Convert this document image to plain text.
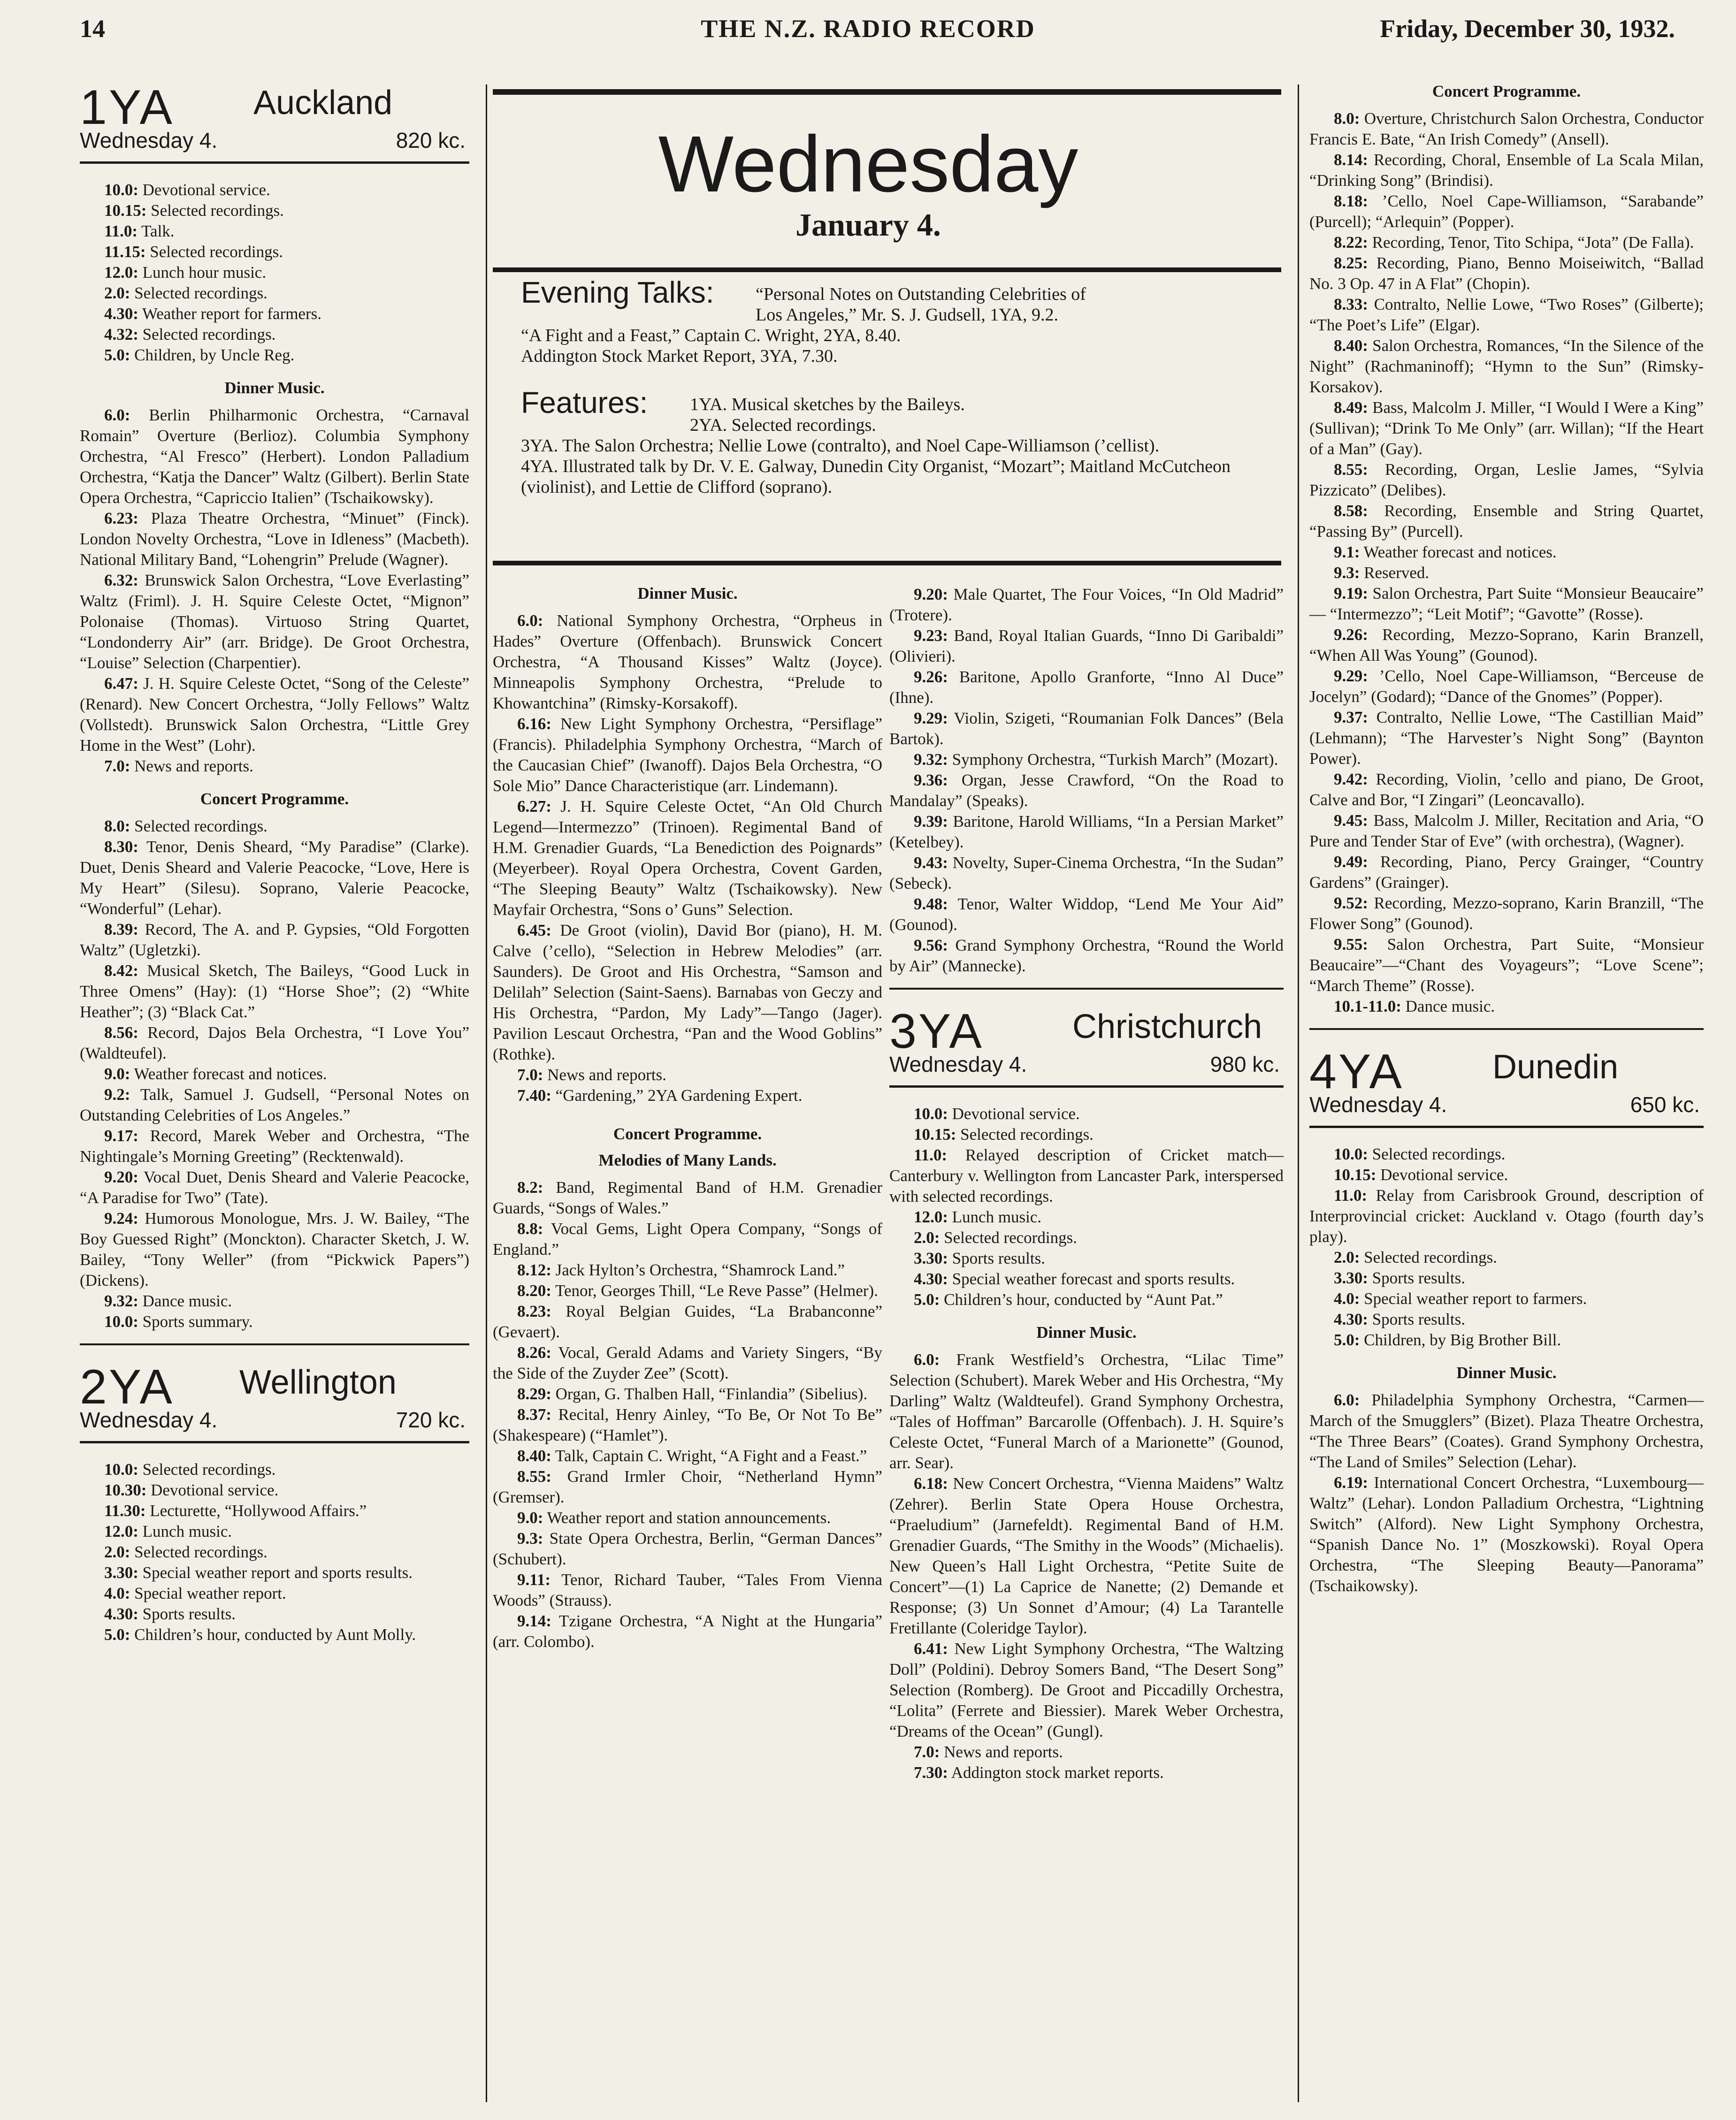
14	THE N.Z. RADIO RECORD	Friday, December 30, 1932.
Wednesday
January 4.
Evening Talks: “Personal Notes on Outstanding Celebrities of
Los Angeles,” Mr. S. J. Gudsell, 1YA, 9.2.
“A Fight and a Feast,” Captain C. Wright, 2YA, 8.40.
Addington Stock Market Report, 3YA, 7.30.
Features: 1YA. Musical sketches by the Baileys.
2YA. Selected recordings.
3YA. The Salon Orchestra; Nellie Lowe (contralto), and Noel Cape-Williamson (’cellist).
4YA. Illustrated talk by Dr. V. E. Galway, Dunedin City Organist, “Mozart”; Maitland McCutcheon (violinist), and Lettie de Clifford (soprano).
1YA Auckland
Wednesday 4.	820 kc.

10.0: Devotional service.

10.15: Selected recordings.

11.0: Talk.

11.15: Selected recordings.

12.0: Lunch hour music.

2.0: Selected recordings.

4.30: Weather report for farmers.

4.32: Selected recordings.

5.0: Children, by Uncle Reg.

Dinner Music.

6.0: Berlin Philharmonic Orchestra, “Carnaval Romain” Overture (Berlioz). Columbia Symphony Orchestra, “Al Fresco” (Herbert). London Palladium Orchestra, “Katja the Dancer” Waltz (Gilbert). Berlin State Opera Orchestra, “Capriccio Italien” (Tschaikowsky).

6.23: Plaza Theatre Orchestra, “Minuet” (Finck). London Novelty Orchestra, “Love in Idleness” (Macbeth). National Military Band, “Lohengrin” Prelude (Wagner).

6.32: Brunswick Salon Orchestra, “Love Everlasting” Waltz (Friml). J. H. Squire Celeste Octet, “Mignon” Polonaise (Thomas). Virtuoso String Quartet, “Londonderry Air” (arr. Bridge). De Groot Orchestra, “Louise” Selection (Charpentier).

6.47: J. H. Squire Celeste Octet, “Song of the Celeste” (Renard). New Concert Orchestra, “Jolly Fellows” Waltz (Vollstedt). Brunswick Salon Orchestra, “Little Grey Home in the West” (Lohr).

7.0: News and reports.

Concert Programme.

8.0: Selected recordings.

8.30: Tenor, Denis Sheard, “My Paradise” (Clarke). Duet, Denis Sheard and Valerie Peacocke, “Love, Here is My Heart” (Silesu). Soprano, Valerie Peacocke, “Wonderful” (Lehar).

8.39: Record, The A. and P. Gypsies, “Old Forgotten Waltz” (Ugletzki).

8.42: Musical Sketch, The Baileys, “Good Luck in Three Omens” (Hay): (1) “Horse Shoe”; (2) “White Heather”; (3) “Black Cat.”

8.56: Record, Dajos Bela Orchestra, “I Love You” (Waldteufel).

9.0: Weather forecast and notices.

9.2: Talk, Samuel J. Gudsell, “Personal Notes on Outstanding Celebrities of Los Angeles.”

9.17: Record, Marek Weber and Orchestra, “The Nightingale’s Morning Greeting” (Recktenwald).

9.20: Vocal Duet, Denis Sheard and Valerie Peacocke, “A Paradise for Two” (Tate).

9.24: Humorous Monologue, Mrs. J. W. Bailey, “The Boy Guessed Right” (Monckton). Character Sketch, J. W. Bailey, “Tony Weller” (from “Pickwick Papers”) (Dickens).

9.32: Dance music.

10.0: Sports summary.

2YA Wellington
Wednesday 4.	720 kc.

10.0: Selected recordings.

10.30: Devotional service.

11.30: Lecturette, “Hollywood Affairs.”

12.0: Lunch music.

2.0: Selected recordings.

3.30: Special weather report and sports results.

4.0: Special weather report.

4.30: Sports results.

5.0: Children’s hour, conducted by Aunt Molly.

Dinner Music.

6.0: National Symphony Orchestra, “Orpheus in Hades” Overture (Offenbach). Brunswick Concert Orchestra, “A Thousand Kisses” Waltz (Joyce). Minneapolis Symphony Orchestra, “Prelude to Khowantchina” (Rimsky-Korsakoff).

6.16: New Light Symphony Orchestra, “Persiflage” (Francis). Philadelphia Symphony Orchestra, “March of the Caucasian Chief” (Iwanoff). Dajos Bela Orchestra, “O Sole Mio” Dance Characteristique (arr. Lindemann).

6.27: J. H. Squire Celeste Octet, “An Old Church Legend—Intermezzo” (Trinoen). Regimental Band of H.M. Grenadier Guards, “La Benediction des Poignards” (Meyerbeer). Royal Opera Orchestra, Covent Garden, “The Sleeping Beauty” Waltz (Tschaikowsky). New Mayfair Orchestra, “Sons o’ Guns” Selection.

6.45: De Groot (violin), David Bor (piano), H. M. Calve (’cello), “Selection in Hebrew Melodies” (arr. Saunders). De Groot and His Orchestra, “Samson and Delilah” Selection (Saint-Saens). Barnabas von Geczy and His Orchestra, “Pardon, My Lady”—Tango (Jager). Pavilion Lescaut Orchestra, “Pan and the Wood Goblins” (Rothke).

7.0: News and reports.

7.40: “Gardening,” 2YA Gardening Expert.

Concert Programme.
Melodies of Many Lands.

8.2: Band, Regimental Band of H.M. Grenadier Guards, “Songs of Wales.”

8.8: Vocal Gems, Light Opera Company, “Songs of England.”

8.12: Jack Hylton’s Orchestra, “Shamrock Land.”

8.20: Tenor, Georges Thill, “Le Reve Passe” (Helmer).

8.23: Royal Belgian Guides, “La Brabanconne” (Gevaert).

8.26: Vocal, Gerald Adams and Variety Singers, “By the Side of the Zuyder Zee” (Scott).

8.29: Organ, G. Thalben Hall, “Finlandia” (Sibelius).

8.37: Recital, Henry Ainley, “To Be, Or Not To Be” (Shakespeare) (“Hamlet”).

8.40: Talk, Captain C. Wright, “A Fight and a Feast.”

8.55: Grand Irmler Choir, “Netherland Hymn” (Gremser).

9.0: Weather report and station announcements.

9.3: State Opera Orchestra, Berlin, “German Dances” (Schubert).

9.11: Tenor, Richard Tauber, “Tales From Vienna Woods” (Strauss).

9.14: Tzigane Orchestra, “A Night at the Hungaria” (arr. Colombo).

9.20: Male Quartet, The Four Voices, “In Old Madrid” (Trotere).

9.23: Band, Royal Italian Guards, “Inno Di Garibaldi” (Olivieri).

9.26: Baritone, Apollo Granforte, “Inno Al Duce” (Ihne).

9.29: Violin, Szigeti, “Roumanian Folk Dances” (Bela Bartok).

9.32: Symphony Orchestra, “Turkish March” (Mozart).

9.36: Organ, Jesse Crawford, “On the Road to Mandalay” (Speaks).

9.39: Baritone, Harold Williams, “In a Persian Market” (Ketelbey).

9.43: Novelty, Super-Cinema Orchestra, “In the Sudan” (Sebeck).

9.48: Tenor, Walter Widdop, “Lend Me Your Aid” (Gounod).

9.56: Grand Symphony Orchestra, “Round the World by Air” (Mannecke).

3YA	Christchurch
Wednesday 4.	980 kc.

10.0: Devotional service.

10.15: Selected recordings.

11.0: Relayed description of Cricket match—Canterbury v. Wellington from Lancaster Park, interspersed with selected recordings.

12.0: Lunch music.

2.0: Selected recordings.

3.30: Sports results.

4.30: Special weather forecast and sports results.

5.0: Children’s hour, conducted by “Aunt Pat.”

Dinner Music.

6.0: Frank Westfield’s Orchestra, “Lilac Time” Selection (Schubert). Marek Weber and His Orchestra, “My Darling” Waltz (Waldteufel). Grand Symphony Orchestra, “Tales of Hoffman” Barcarolle (Offenbach). J. H. Squire’s Celeste Octet, “Funeral March of a Marionette” (Gounod, arr. Sear).

6.18: New Concert Orchestra, “Vienna Maidens” Waltz (Zehrer). Berlin State Opera House Orchestra, “Praeludium” (Jarnefeldt). Regimental Band of H.M. Grenadier Guards, “The Smithy in the Woods” (Michaelis). New Queen’s Hall Light Orchestra, “Petite Suite de Concert”—(1) La Caprice de Nanette; (2) Demande et Response; (3) Un Sonnet d’Amour; (4) La Tarantelle Fretillante (Coleridge Taylor).

6.41: New Light Symphony Orchestra, “The Waltzing Doll” (Poldini). Debroy Somers Band, “The Desert Song” Selection (Romberg). De Groot and Piccadilly Orchestra, “Lolita” (Ferrete and Biessier). Marek Weber Orchestra, “Dreams of the Ocean” (Gungl).

7.0: News and reports.

7.30: Addington stock market reports.

Concert Programme.

8.0: Overture, Christchurch Salon Orchestra, Conductor Francis E. Bate, “An Irish Comedy” (Ansell).

8.14: Recording, Choral, Ensemble of La Scala Milan, “Drinking Song” (Brindisi).

8.18: ’Cello, Noel Cape-Williamson, “Sarabande” (Purcell); “Arlequin” (Popper).

8.22: Recording, Tenor, Tito Schipa, “Jota” (De Falla).

8.25: Recording, Piano, Benno Moiseiwitch, “Ballad No. 3 Op. 47 in A Flat” (Chopin).

8.33: Contralto, Nellie Lowe, “Two Roses” (Gilberte); “The Poet’s Life” (Elgar).

8.40: Salon Orchestra, Romances, “In the Silence of the Night” (Rachmaninoff); “Hymn to the Sun” (Rimsky-Korsakov).

8.49: Bass, Malcolm J. Miller, “I Would I Were a King” (Sullivan); “Drink To Me Only” (arr. Willan); “If the Heart of a Man” (Gay).

8.55: Recording, Organ, Leslie James, “Sylvia Pizzicato” (Delibes).

8.58: Recording, Ensemble and String Quartet, “Passing By” (Purcell).

9.1: Weather forecast and notices.

9.3: Reserved.

9.19: Salon Orchestra, Part Suite “Monsieur Beaucaire” — “Intermezzo”; “Leit Motif”; “Gavotte” (Rosse).

9.26: Recording, Mezzo-Soprano, Karin Branzell, “When All Was Young” (Gounod).

9.29: ’Cello, Noel Cape-Williamson, “Berceuse de Jocelyn” (Godard); “Dance of the Gnomes” (Popper).

9.37: Contralto, Nellie Lowe, “The Castillian Maid” (Lehmann); “The Harvester’s Night Song” (Baynton Power).

9.42: Recording, Violin, ’cello and piano, De Groot, Calve and Bor, “I Zingari” (Leoncavallo).

9.45: Bass, Malcolm J. Miller, Recitation and Aria, “O Pure and Tender Star of Eve” (with orchestra), (Wagner).

9.49: Recording, Piano, Percy Grainger, “Country Gardens” (Grainger).

9.52: Recording, Mezzo-soprano, Karin Branzill, “The Flower Song” (Gounod).

9.55: Salon Orchestra, Part Suite, “Monsieur Beaucaire”—“Chant des Voyageurs”; “Love Scene”; “March Theme” (Rosse).

10.1-11.0: Dance music.

4YA	Dunedin
Wednesday 4.	650 kc.

10.0: Selected recordings.

10.15: Devotional service.

11.0: Relay from Carisbrook Ground, description of Interprovincial cricket: Auckland v. Otago (fourth day’s play).

2.0: Selected recordings.

3.30: Sports results.

4.0: Special weather report to farmers.

4.30: Sports results.

5.0: Children, by Big Brother Bill.

Dinner Music.

6.0: Philadelphia Symphony Orchestra, “Carmen—March of the Smugglers” (Bizet). Plaza Theatre Orchestra, “The Three Bears” (Coates). Grand Symphony Orchestra, “The Land of Smiles” Selection (Lehar).

6.19: International Concert Orchestra, “Luxembourg—Waltz” (Lehar). London Palladium Orchestra, “Lightning Switch” (Alford). New Light Symphony Orchestra, “Spanish Dance No. 1” (Moszkowski). Royal Opera Orchestra, “The Sleeping Beauty—Panorama” (Tschaikowsky).
